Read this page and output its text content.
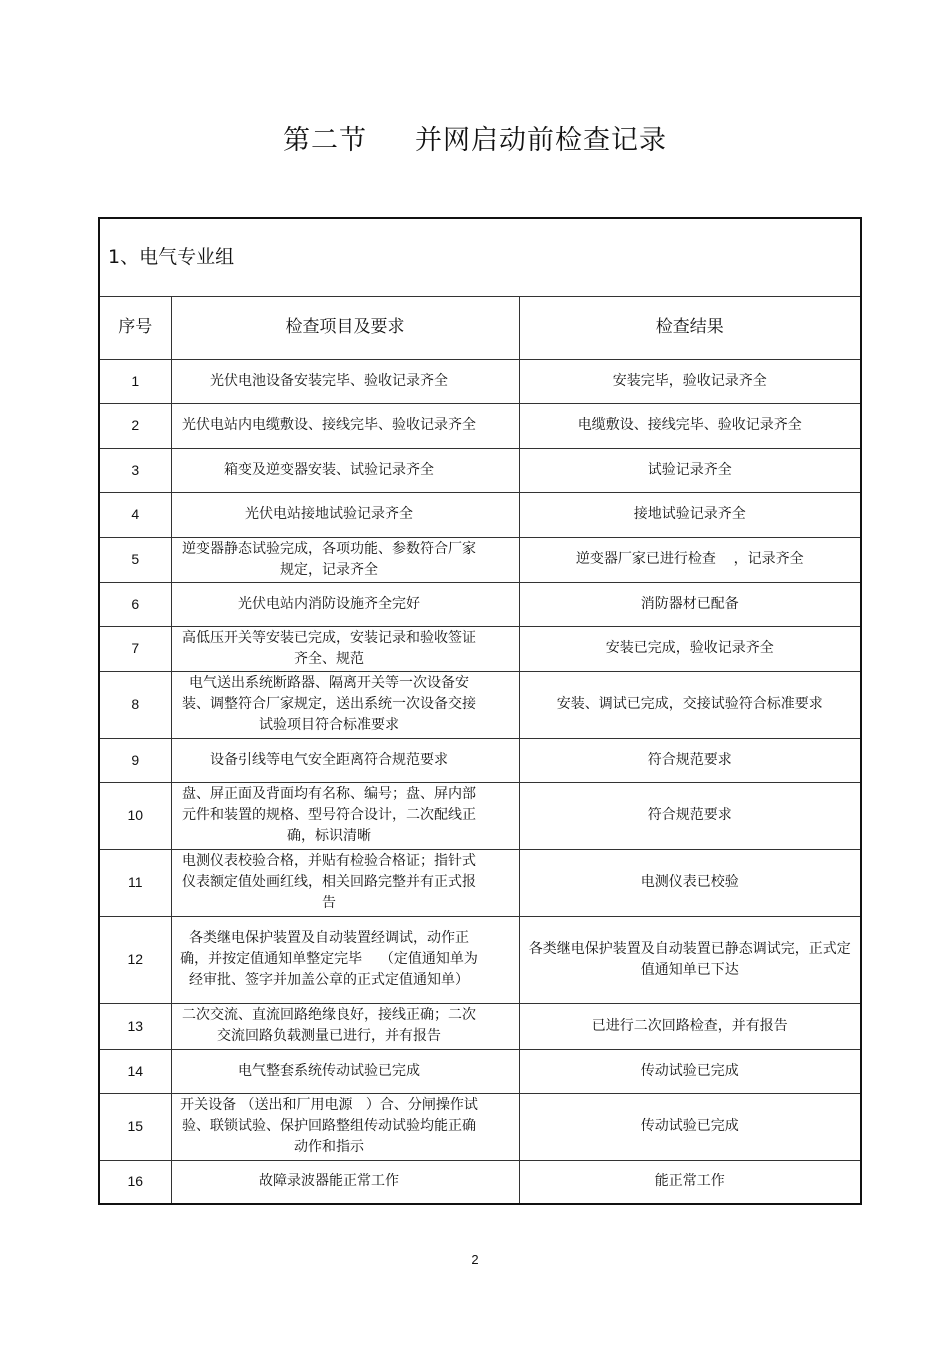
第二节     并网启动前检查记录
1、电气专业组		
序号	检查项目及要求	检查结果
1	光伏电池设备安装完毕、验收记录齐全	安装完毕，验收记录齐全
2	光伏电站内电缆敷设、接线完毕、验收记录齐全	电缆敷设、接线完毕、验收记录齐全
3	箱变及逆变器安装、试验记录齐全	试验记录齐全
4	光伏电站接地试验记录齐全	接地试验记录齐全
5	逆变器静态试验完成，各项功能、参数符合厂家规定，记录齐全	逆变器厂家已进行检查    ，记录齐全
6	光伏电站内消防设施齐全完好	消防器材已配备
7	高低压开关等安装已完成，安装记录和验收签证齐全、规范	安装已完成，验收记录齐全
8	电气送出系统断路器、隔离开关等一次设备安装、调整符合厂家规定，送出系统一次设备交接试验项目符合标准要求	安装、调试已完成，交接试验符合标准要求
9	设备引线等电气安全距离符合规范要求	符合规范要求
10	盘、屏正面及背面均有名称、编号；盘、屏内部元件和装置的规格、型号符合设计，二次配线正确，标识清晰	符合规范要求
11	电测仪表校验合格，并贴有检验合格证；指针式仪表额定值处画红线，相关回路完整并有正式报告	电测仪表已校验
12	各类继电保护装置及自动装置经调试，动作正确，并按定值通知单整定完毕    （定值通知单为经审批、签字并加盖公章的正式定值通知单）	各类继电保护装置及自动装置已静态调试完，正式定值通知单已下达
13	二次交流、直流回路绝缘良好，接线正确；二次交流回路负载测量已进行，并有报告	已进行二次回路检查，并有报告
14	电气整套系统传动试验已完成	传动试验已完成
15	开关设备 （送出和厂用电源   ）合、分闸操作试验、联锁试验、保护回路整组传动试验均能正确动作和指示	传动试验已完成
16	故障录波器能正常工作	能正常工作
2
